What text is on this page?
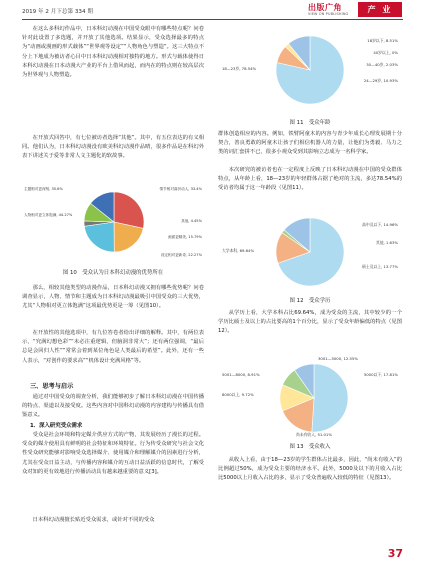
2019 年 2 月下总第 334 期	出版广角
VIEW ON PUBLISHING	产 业

在这么多科幻作品中，日本科幻动漫在中国受众眼中有哪些特点呢？问卷针对此设置了多选题，并开放了其他选项。结果显示，受众选择最多的特点为“动画或漫画的形式载体”“世界观等设定”“人物角色与塑造”。这三大特点不分上下地成为被访者心目中日本科幻动漫相对独特的地方。形式与载体使得日本科幻动漫在日本动漫大产业的平台上借风而起，而内在的特点则在较高层次为世界观与人物塑造。

在开放式回答中，有七位被访者选择“其他”。其中，有五位表达的有义相同。他们认为，日本科幻动漫没有欧美科幻动漫作品晴，很多作品是在科幻外表下讲述关于爱等非常人文主题化的软故事。

人物相对更立体饱满, 44.27%
情节相对曲折动人, 33.4%
主题相对更深刻, 35.6%
其他, 4.45%
画面更精美, 15.79%
设定相对更新奇, 22.27%
图 10　受众认为日本科幻动漫的优势所在

那么，相较其他类型的动漫作品，日本科幻动漫又拥有哪些优势呢？问卷调查显示，人物、情节和主题成为日本科幻动漫最吸引中国受众的三大优势，尤其“人物相对更立体饱满”这项最优势更是一筹（见图10）。

在开放性的其他选项中，有九位答卷者给出详细的解释。其中，有两位表示，“究满幻想色彩”“未必注重逻辑，但脑洞非常大”；还有两位强调，“最后总是会回归人性”“常常会着到某位角色是人类最后的希望”。此外，还有一些人表示，“对创作的要求高”“机体设计充满风格”等。

三、思考与启示

通过对中国受众的调查分析，我们能够初步了解日本科幻动漫在中国传播的特点、渠道以及接受度。这些内容对中国科幻动漫的内容建构与传播具有借鉴意义。

1．深入研究受众需求

受众是社会环境和特定媒介供应方式的产物，其发展经历了漫长的过程。受众的媒介使用具有鲜明的社会特征和环境特征。行为传受众研究与社会文化性受众研究能够对影响受众选择媒介、使用媒介和理解媒介的因素进行分析，尤其在受众日益主动，与传播内容和媒介的互动日益活跃的信息时代，了解受众对知的更有效地进行传播活动具有越来越重要的意义[3]。

日本科幻动漫擅长贴近受众需求，或针对不同的受众

18—23岁, 78.54%
18岁以下, 8.51%
40岁以上, 0%
30—40岁, 2.03%
24—29岁, 10.93%
图 11　受众年龄

群体创造相应的内容。例如，铁臂阿童木的内容与青少年成长心理发展期十分契合，善良勇敢的阿童木让孩子们相信机器人的力量，让他们为勇毅、马力之类的词汇套拼不已，很多小观众受到其影响立志成为一名科学家。

本次研究的被访者也在一定程度上反映了日本科幻动漫在中国的受众群体特点，从年龄上看，18—23岁的年轻群体占据了绝对的主流，多达78.54%的受访者均属于这一年龄段（见图11）。

大学本科, 69.64%
高中及以下, 14.96%
其他, 1.63%
硕士及以上, 13.77%
图 12　受众学历

从学历上看，大学本科占比69.64%，成为受众的主流，其中较少的一个学历比硕士及以上的占比要高的1个百分比，显示了受众年龄偏低的特点（见图12）。

尚未有收入, 51.01%
5000以下, 17.81%
3001—5000, 12.55%
5001—8000, 8.91%
8000以上, 9.72%
图 13　受众收入

从收入上看，由于18—23岁的学生群体占比最多，因此，“尚未有收入”的比例超过50%，成为受众主要的经济水平。此外，5000及以下的月收入占比比5000以上月收入占比的多，显示了受众普遍收入较低的特征（见图13）。

37
